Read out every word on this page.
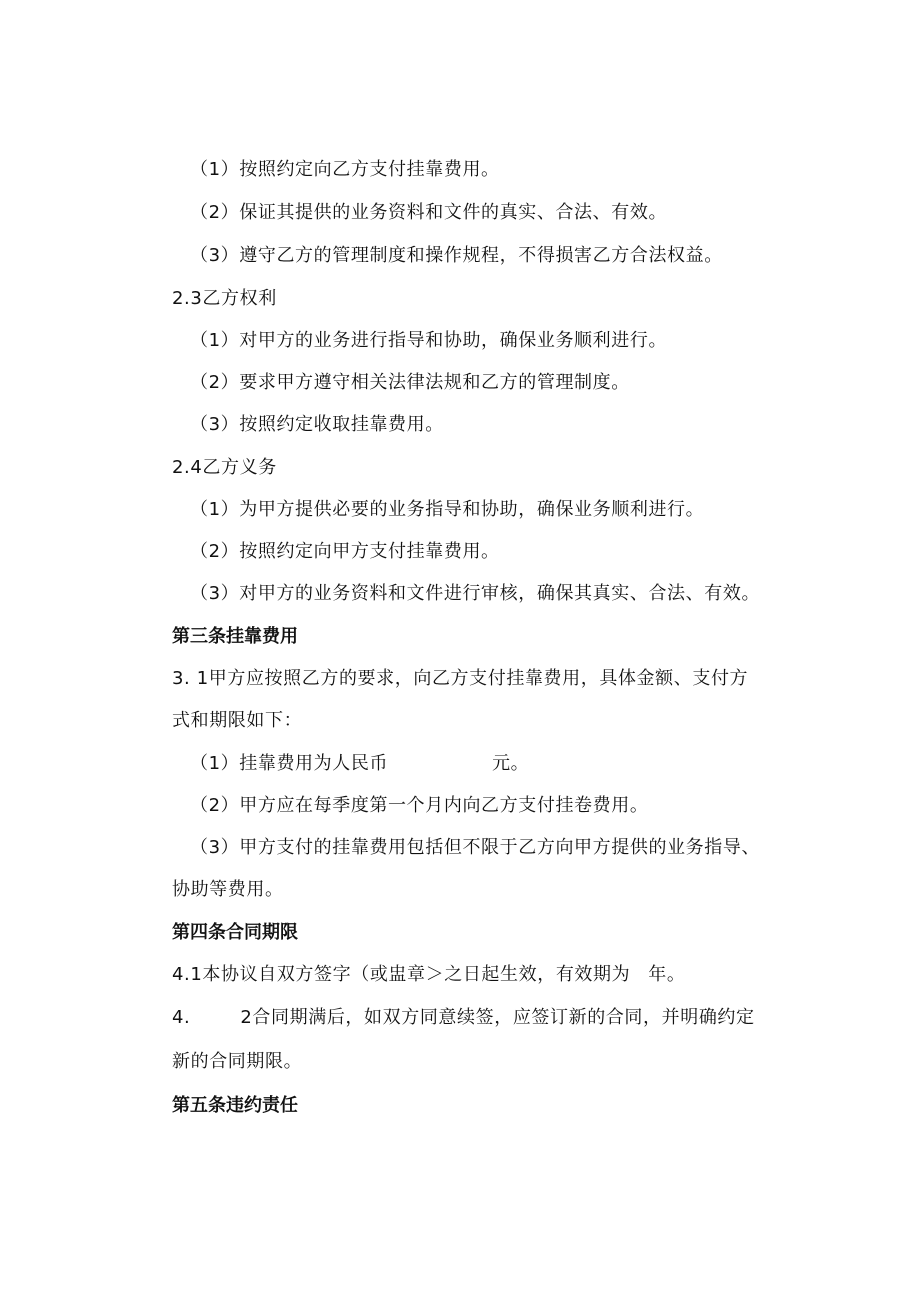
（1）按照约定向乙方支付挂靠费用。
（2）保证其提供的业务资料和文件的真实、合法、有效。
（3）遵守乙方的管理制度和操作规程，不得损害乙方合法权益。
2.3乙方权利
（1）对甲方的业务进行指导和协助，确保业务顺利进行。
（2）要求甲方遵守相关法律法规和乙方的管理制度。
（3）按照约定收取挂靠费用。
2.4乙方义务
（1）为甲方提供必要的业务指导和协助，确保业务顺利进行。
（2）按照约定向甲方支付挂靠费用。
（3）对甲方的业务资料和文件进行审核，确保其真实、合法、有效。
第三条挂靠费用
3. 1甲方应按照乙方的要求，向乙方支付挂靠费用，具体金额、支付方
式和期限如下：
（1）挂靠费用为人民币	元。
（2）甲方应在每季度第一个月内向乙方支付挂卷费用。
（3）甲方支付的挂靠费用包括但不限于乙方向甲方提供的业务指导、
协助等费用。
第四条合同期限
4.1本协议自双方签字（或盅章＞之日起生效，有效期为 年。
4.	2合同期满后，如双方同意续签，应签订新的合同，并明确约定
新的合同期限。
第五条违约责任
